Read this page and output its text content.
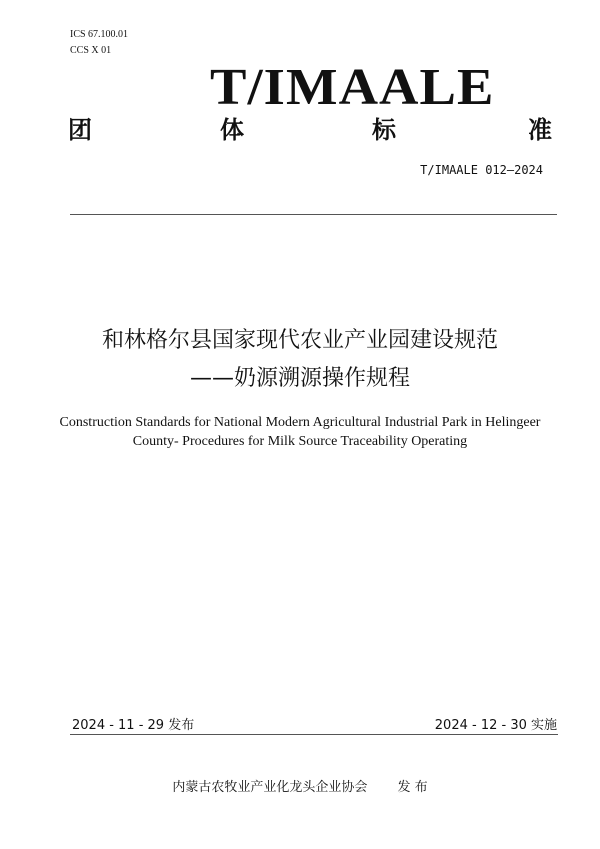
ICS 67.100.01
CCS X 01
T/IMAALE
团	体	标	准
T/IMAALE 012—2024
和林格尔县国家现代农业产业园建设规范
——奶源溯源操作规程
Construction Standards for National Modern Agricultural Industrial Park in Helingeer
County- Procedures for Milk Source Traceability Operating
2024 - 11 - 29 发布	2024 - 12 - 30 实施
内蒙古农牧业产业化龙头企业协会　　 发 布
